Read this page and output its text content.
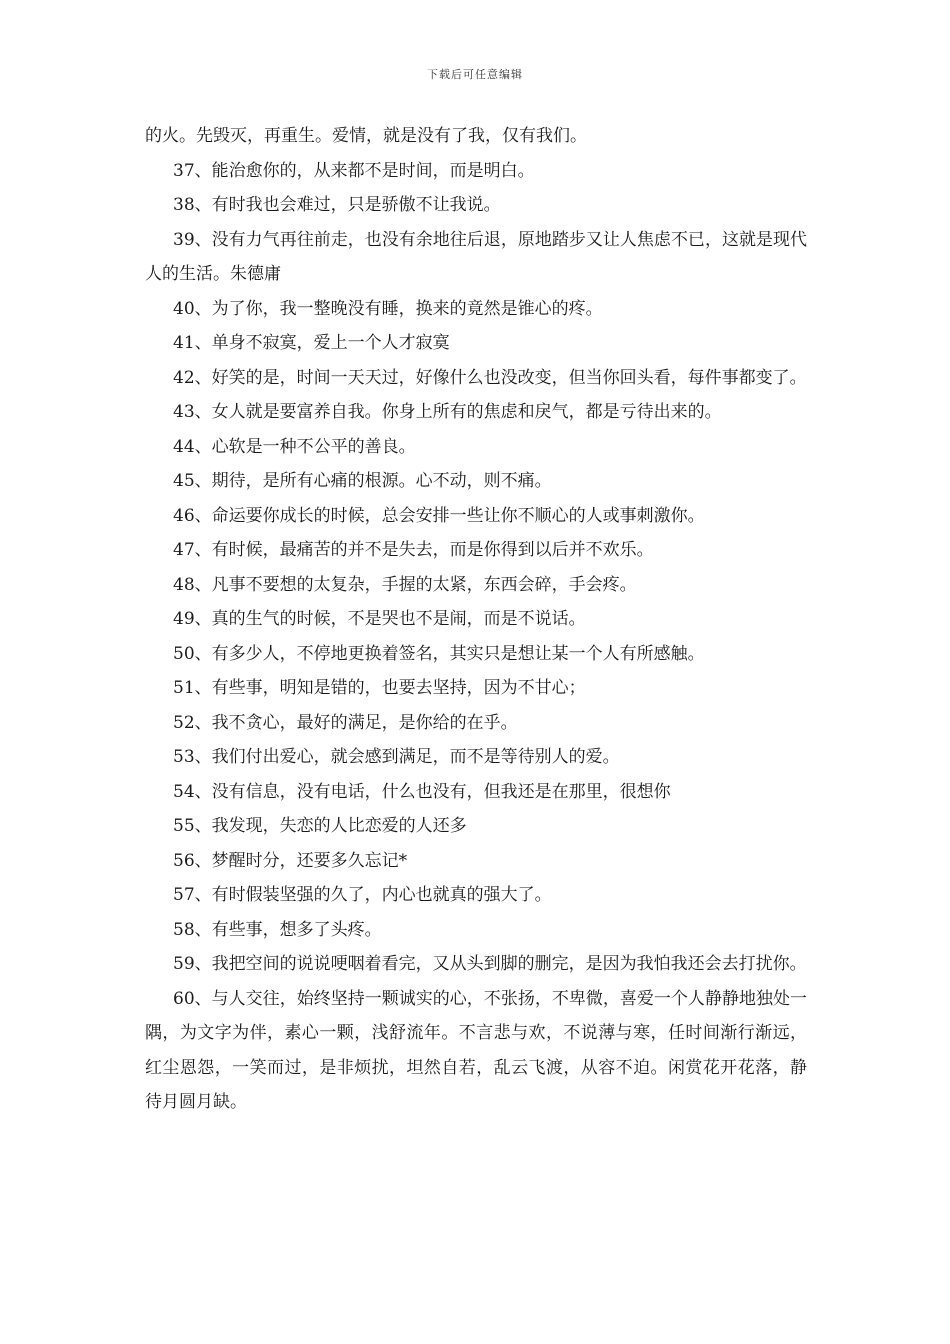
下载后可任意编辑

的火。先毁灭，再重生。爱情，就是没有了我，仅有我们。

37、能治愈你的，从来都不是时间，而是明白。

38、有时我也会难过，只是骄傲不让我说。

39、没有力气再往前走，也没有余地往后退，原地踏步又让人焦虑不已，这就是现代人的生活。朱德庸

40、为了你，我一整晚没有睡，换来的竟然是锥心的疼。

41、单身不寂寞，爱上一个人才寂寞

42、好笑的是，时间一天天过，好像什么也没改变，但当你回头看，每件事都变了。

43、女人就是要富养自我。你身上所有的焦虑和戾气，都是亏待出来的。

44、心软是一种不公平的善良。

45、期待，是所有心痛的根源。心不动，则不痛。

46、命运要你成长的时候，总会安排一些让你不顺心的人或事刺激你。

47、有时候，最痛苦的并不是失去，而是你得到以后并不欢乐。

48、凡事不要想的太复杂，手握的太紧，东西会碎，手会疼。

49、真的生气的时候，不是哭也不是闹，而是不说话。

50、有多少人，不停地更换着签名，其实只是想让某一个人有所感触。

51、有些事，明知是错的，也要去坚持，因为不甘心；

52、我不贪心，最好的满足，是你给的在乎。

53、我们付出爱心，就会感到满足，而不是等待别人的爱。

54、没有信息，没有电话，什么也没有，但我还是在那里，很想你

55、我发现，失恋的人比恋爱的人还多

56、梦醒时分，还要多久忘记*

57、有时假装坚强的久了，内心也就真的强大了。

58、有些事，想多了头疼。

59、我把空间的说说哽咽着看完，又从头到脚的删完，是因为我怕我还会去打扰你。

60、与人交往，始终坚持一颗诚实的心，不张扬，不卑微，喜爱一个人静静地独处一隅，为文字为伴，素心一颗，浅舒流年。不言悲与欢，不说薄与寒，任时间渐行渐远，红尘恩怨，一笑而过，是非烦扰，坦然自若，乱云飞渡，从容不迫。闲赏花开花落，静待月圆月缺。
